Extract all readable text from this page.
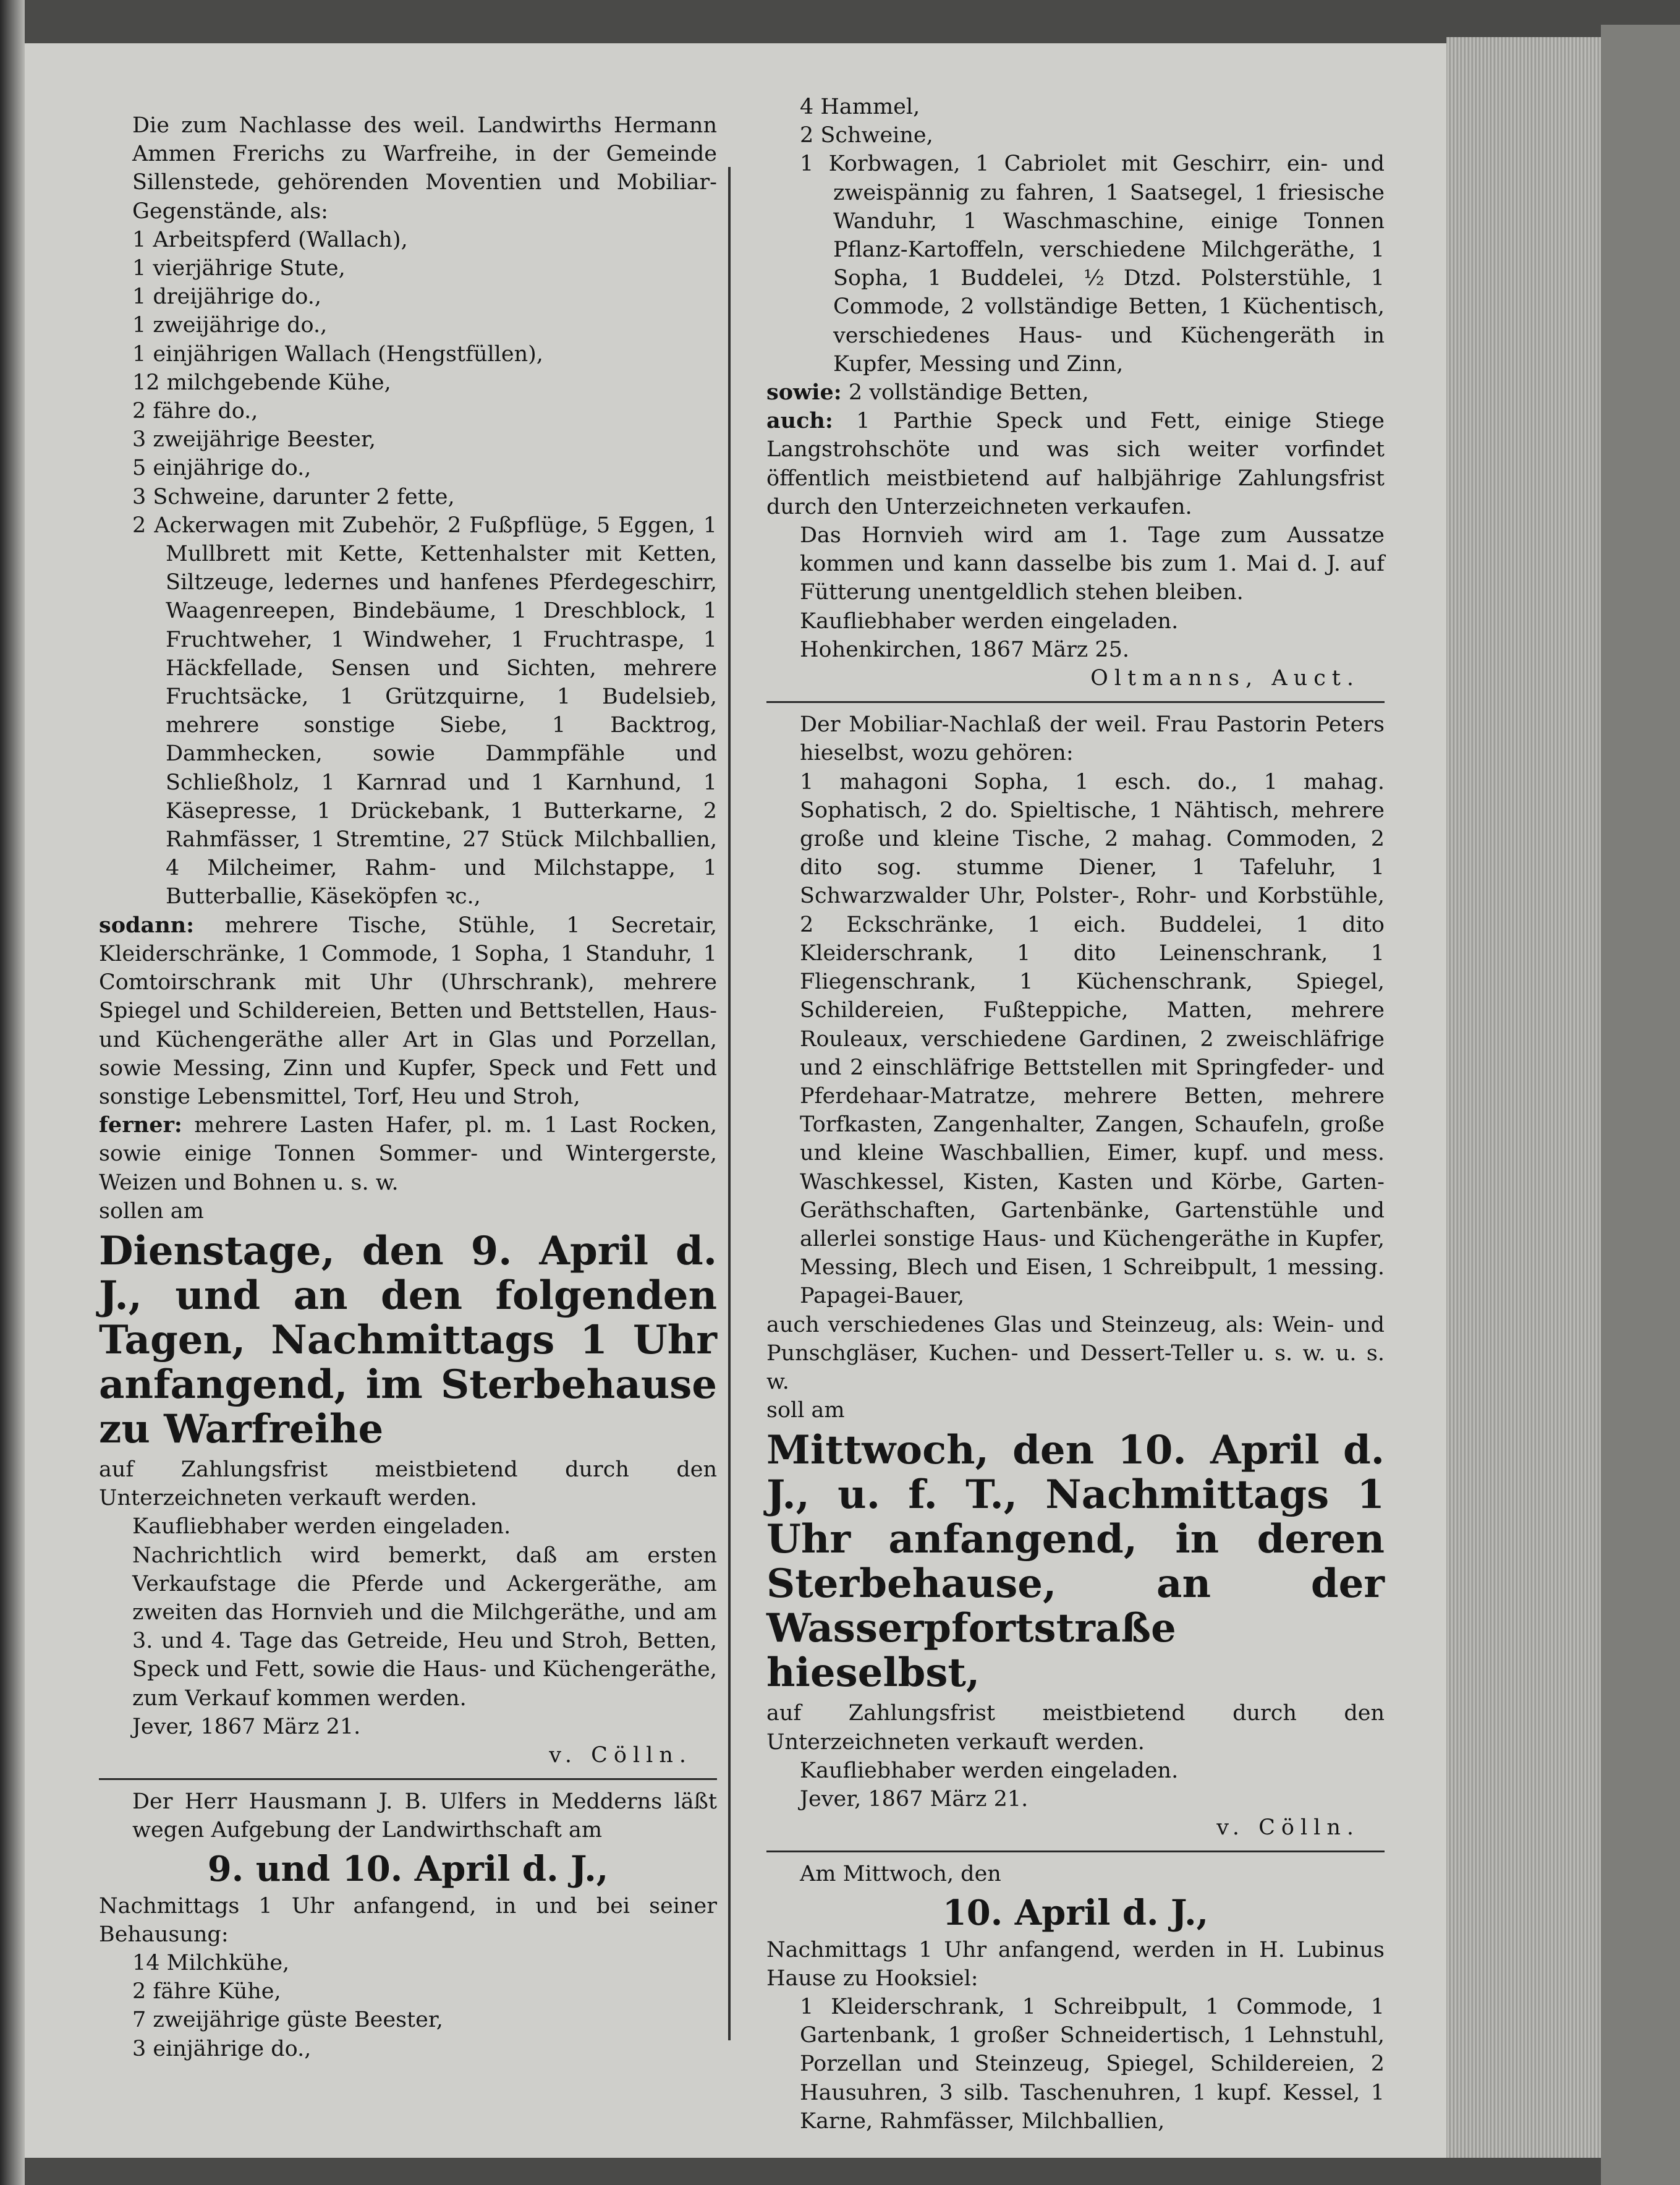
Die zum Nachlasse des weil. Landwirths Hermann Ammen Frerichs zu Warfreihe, in der Gemeinde Sillenstede, gehörenden Moventien und Mobiliar-Gegenstände, als:

1 Arbeitspferd (Wallach),

1 vierjährige Stute,

1 dreijährige do.,

1 zweijährige do.,

1 einjährigen Wallach (Hengstfüllen),

12 milchgebende Kühe,

2 fähre do.,

3 zweijährige Beester,

5 einjährige do.,

3 Schweine, darunter 2 fette,

2 Ackerwagen mit Zubehör, 2 Fußpflüge, 5 Eggen, 1 Mullbrett mit Kette, Kettenhalster mit Ketten, Siltzeuge, ledernes und hanfenes Pferdegeschirr, Waagenreepen, Bindebäume, 1 Dreschblock, 1 Fruchtweher, 1 Windweher, 1 Fruchtraspe, 1 Häckfellade, Sensen und Sichten, mehrere Fruchtsäcke, 1 Grützquirne, 1 Budelsieb, mehrere sonstige Siebe, 1 Backtrog, Dammhecken, sowie Dammpfähle und Schließholz, 1 Karnrad und 1 Karnhund, 1 Käsepresse, 1 Drückebank, 1 Butterkarne, 2 Rahmfässer, 1 Stremtine, 27 Stück Milchballien, 4 Milcheimer, Rahm- und Milchstappe, 1 Butterballie, Käseköpfen ꝛc.,

sodann: mehrere Tische, Stühle, 1 Secretair, Kleiderschränke, 1 Commode, 1 Sopha, 1 Standuhr, 1 Comtoirschrank mit Uhr (Uhrschrank), mehrere Spiegel und Schildereien, Betten und Bettstellen, Haus- und Küchengeräthe aller Art in Glas und Porzellan, sowie Messing, Zinn und Kupfer, Speck und Fett und sonstige Lebensmittel, Torf, Heu und Stroh,

ferner: mehrere Lasten Hafer, pl. m. 1 Last Rocken, sowie einige Tonnen Sommer- und Wintergerste, Weizen und Bohnen u. s. w.

sollen am

Dienstage, den 9. April d. J., und an den folgenden Tagen, Nachmittags 1 Uhr anfangend, im Sterbehause zu Warfreihe

auf Zahlungsfrist meistbietend durch den Unterzeichneten verkauft werden.

Kaufliebhaber werden eingeladen.

Nachrichtlich wird bemerkt, daß am ersten Verkaufstage die Pferde und Ackergeräthe, am zweiten das Hornvieh und die Milchgeräthe, und am 3. und 4. Tage das Getreide, Heu und Stroh, Betten, Speck und Fett, sowie die Haus- und Küchengeräthe, zum Verkauf kommen werden.

Jever, 1867 März 21.

v. Cölln.

Der Herr Hausmann J. B. Ulfers in Medderns läßt wegen Aufgebung der Landwirthschaft am

9. und 10. April d. J.,

Nachmittags 1 Uhr anfangend, in und bei seiner Behausung:

14 Milchkühe,

2 fähre Kühe,

7 zweijährige güste Beester,

3 einjährige do.,

4 Hammel,

2 Schweine,

1 Korbwagen, 1 Cabriolet mit Geschirr, ein- und zweispännig zu fahren, 1 Saatsegel, 1 friesische Wanduhr, 1 Waschmaschine, einige Tonnen Pflanz-Kartoffeln, verschiedene Milchgeräthe, 1 Sopha, 1 Buddelei, ½ Dtzd. Polsterstühle, 1 Commode, 2 vollständige Betten, 1 Küchentisch, verschiedenes Haus- und Küchengeräth in Kupfer, Messing und Zinn,

sowie: 2 vollständige Betten,

auch: 1 Parthie Speck und Fett, einige Stiege Langstrohschöte und was sich weiter vorfindet öffentlich meistbietend auf halbjährige Zahlungsfrist durch den Unterzeichneten verkaufen.

Das Hornvieh wird am 1. Tage zum Aussatze kommen und kann dasselbe bis zum 1. Mai d. J. auf Fütterung unentgeldlich stehen bleiben.

Kaufliebhaber werden eingeladen.

Hohenkirchen, 1867 März 25.

Oltmanns, Auct.

Der Mobiliar-Nachlaß der weil. Frau Pastorin Peters hieselbst, wozu gehören:

1 mahagoni Sopha, 1 esch. do., 1 mahag. Sophatisch, 2 do. Spieltische, 1 Nähtisch, mehrere große und kleine Tische, 2 mahag. Commoden, 2 dito sog. stumme Diener, 1 Tafeluhr, 1 Schwarzwalder Uhr, Polster-, Rohr- und Korbstühle, 2 Eckschränke, 1 eich. Buddelei, 1 dito Kleiderschrank, 1 dito Leinenschrank, 1 Fliegenschrank, 1 Küchenschrank, Spiegel, Schildereien, Fußteppiche, Matten, mehrere Rouleaux, verschiedene Gardinen, 2 zweischläfrige und 2 einschläfrige Bettstellen mit Springfeder- und Pferdehaar-Matratze, mehrere Betten, mehrere Torfkasten, Zangenhalter, Zangen, Schaufeln, große und kleine Waschballien, Eimer, kupf. und mess. Waschkessel, Kisten, Kasten und Körbe, Garten-Geräthschaften, Gartenbänke, Gartenstühle und allerlei sonstige Haus- und Küchengeräthe in Kupfer, Messing, Blech und Eisen, 1 Schreibpult, 1 messing. Papagei-Bauer,

auch verschiedenes Glas und Steinzeug, als: Wein- und Punschgläser, Kuchen- und Dessert-Teller u. s. w. u. s. w.

soll am

Mittwoch, den 10. April d. J., u. f. T., Nachmittags 1 Uhr anfangend, in deren Sterbehause, an der Wasserpfortstraße hieselbst,

auf Zahlungsfrist meistbietend durch den Unterzeichneten verkauft werden.

Kaufliebhaber werden eingeladen.

Jever, 1867 März 21.

v. Cölln.

Am Mittwoch, den

10. April d. J.,

Nachmittags 1 Uhr anfangend, werden in H. Lubinus Hause zu Hooksiel:

1 Kleiderschrank, 1 Schreibpult, 1 Commode, 1 Gartenbank, 1 großer Schneidertisch, 1 Lehnstuhl, Porzellan und Steinzeug, Spiegel, Schildereien, 2 Hausuhren, 3 silb. Taschenuhren, 1 kupf. Kessel, 1 Karne, Rahmfässer, Milchballien,
